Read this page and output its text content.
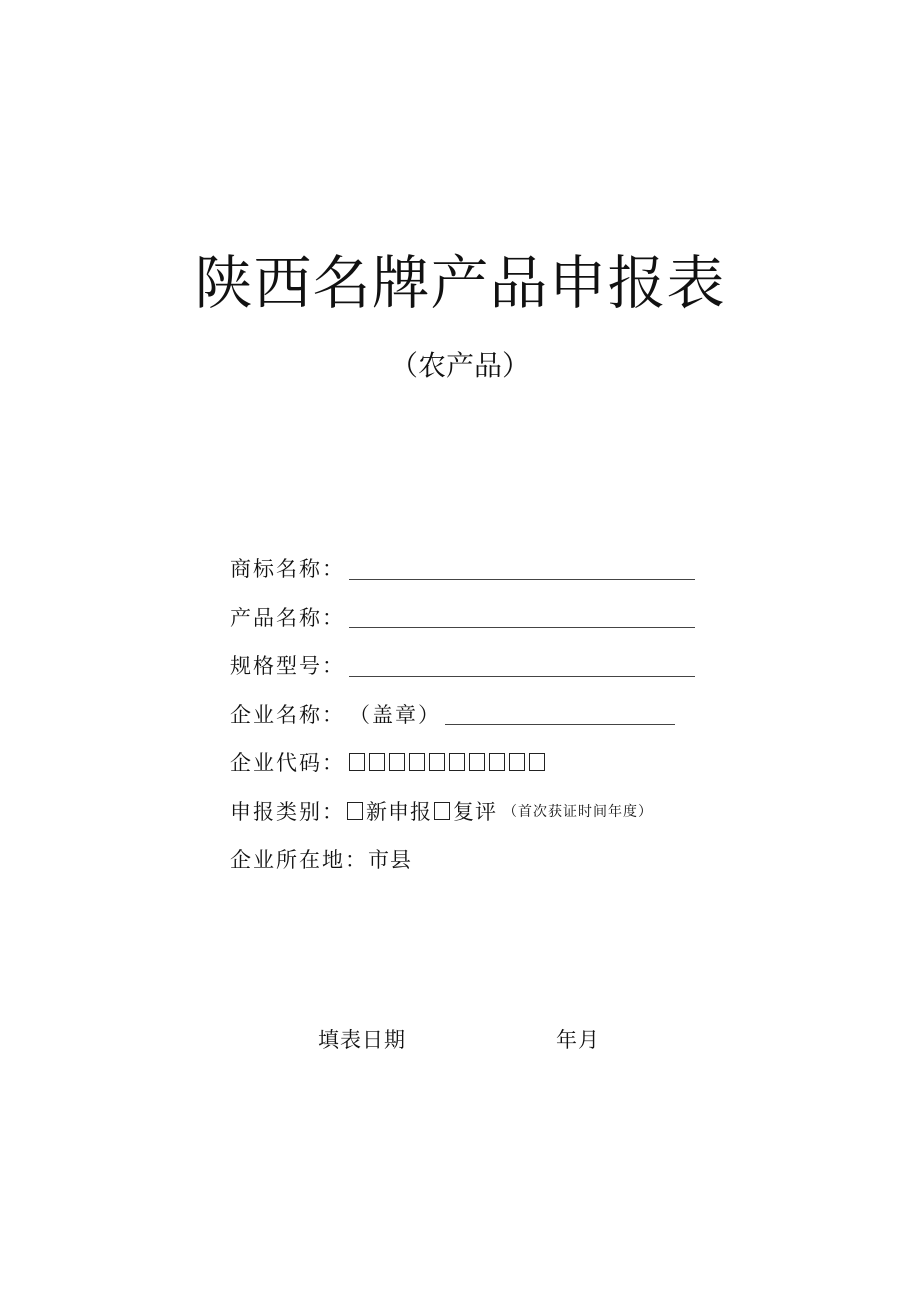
陕西名牌产品申报表
（农产品）
商标名称：
产品名称：
规格型号：
企业名称： （盖章）
企业代码：
申报类别： 新申报 复评 （首次获证时间年度）
企业所在地： 市县
填表日期	年月
